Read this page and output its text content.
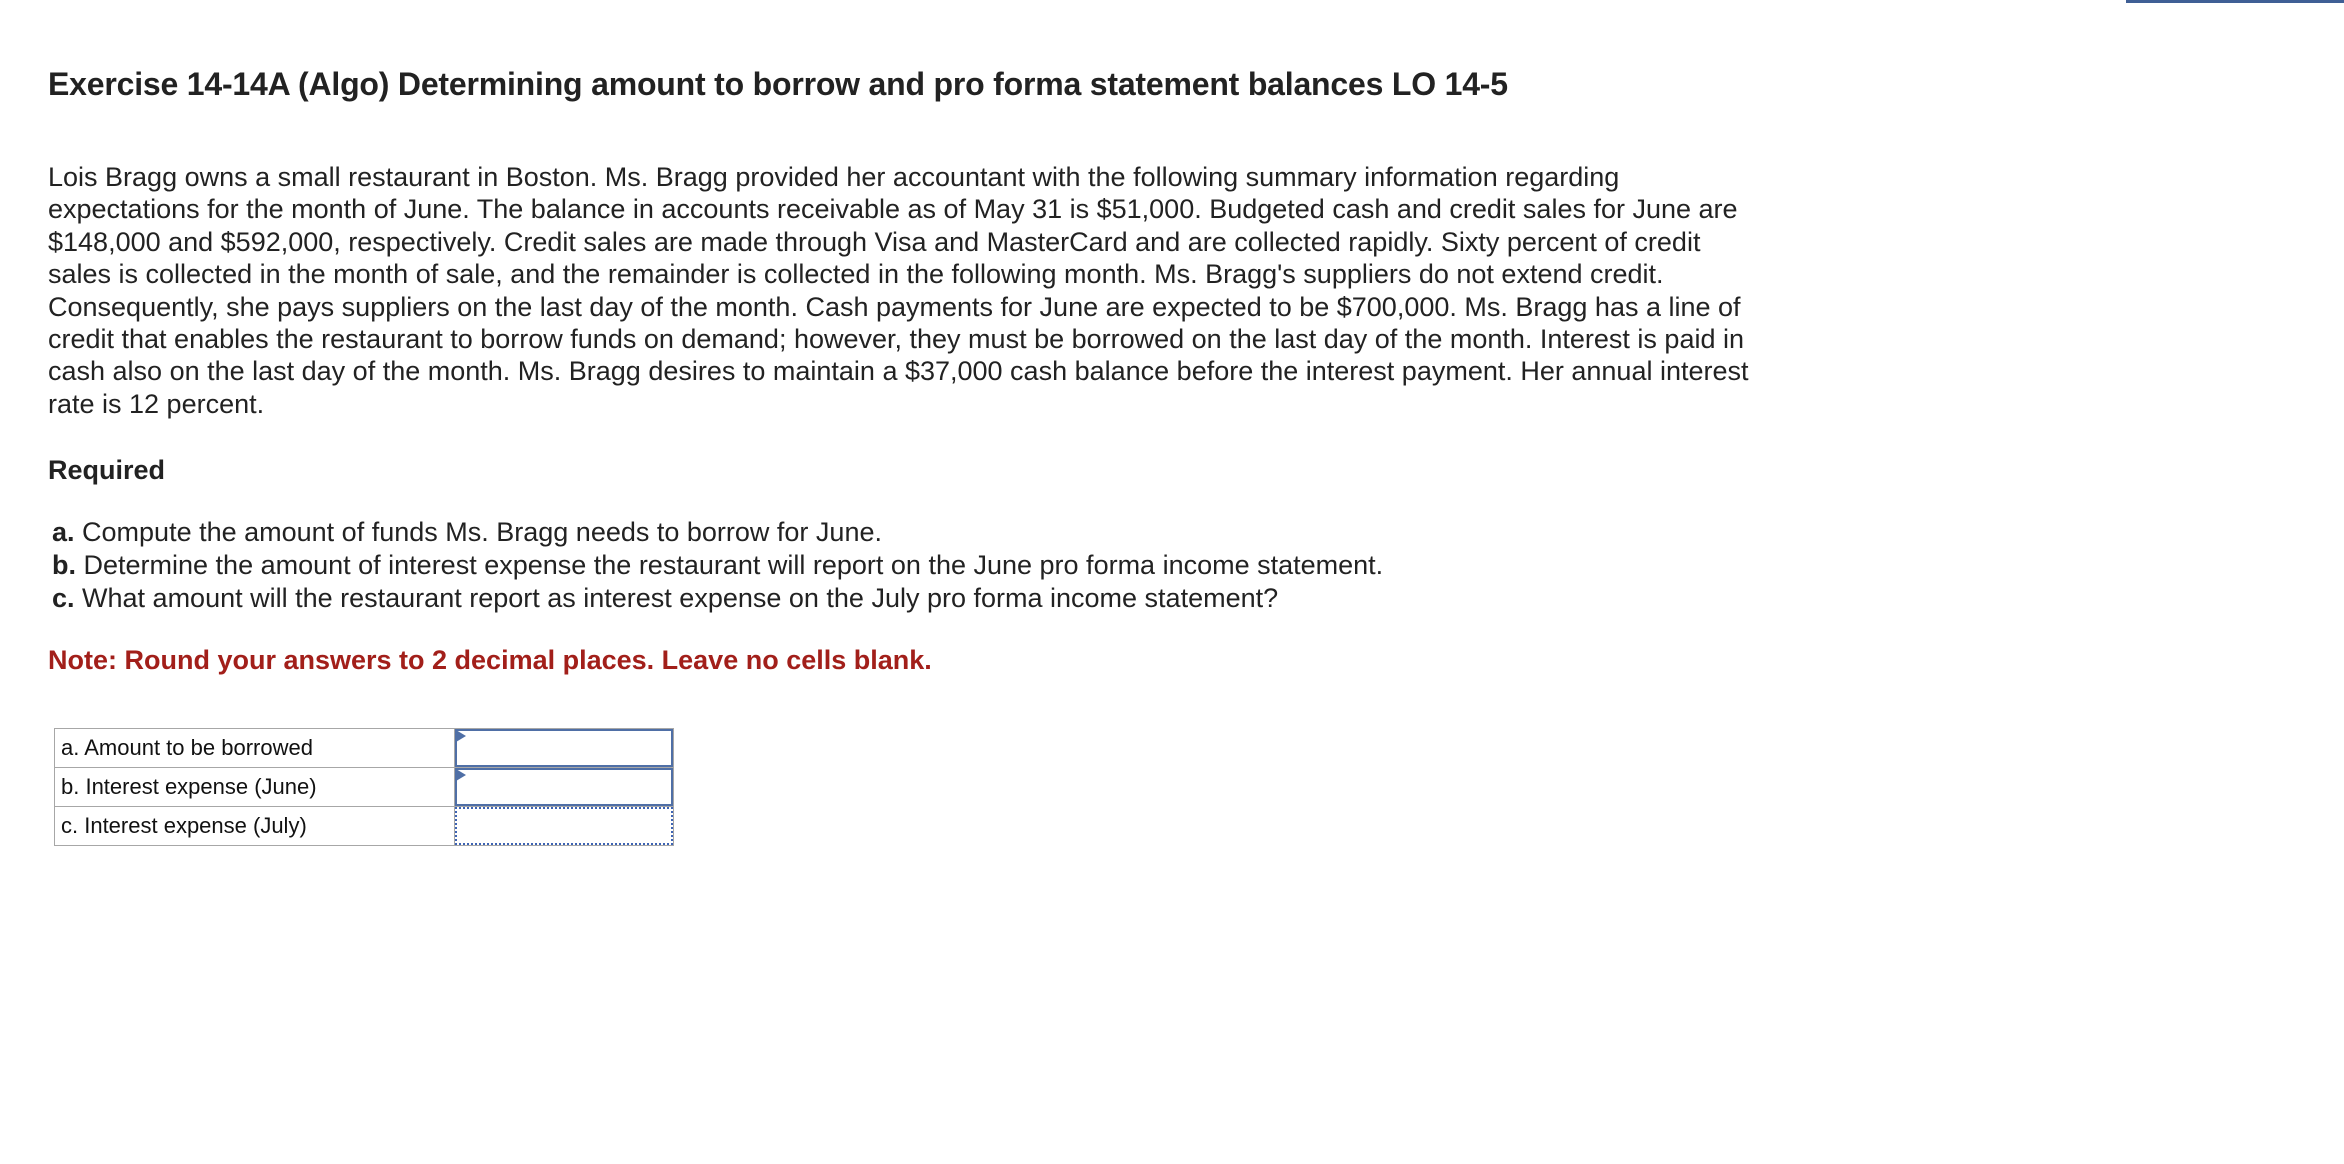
Exercise 14-14A (Algo) Determining amount to borrow and pro forma statement balances LO 14-5

Lois Bragg owns a small restaurant in Boston. Ms. Bragg provided her accountant with the following summary information regarding expectations for the month of June. The balance in accounts receivable as of May 31 is $51,000. Budgeted cash and credit sales for June are $148,000 and $592,000, respectively. Credit sales are made through Visa and MasterCard and are collected rapidly. Sixty percent of credit sales is collected in the month of sale, and the remainder is collected in the following month. Ms. Bragg's suppliers do not extend credit. Consequently, she pays suppliers on the last day of the month. Cash payments for June are expected to be $700,000. Ms. Bragg has a line of credit that enables the restaurant to borrow funds on demand; however, they must be borrowed on the last day of the month. Interest is paid in cash also on the last day of the month. Ms. Bragg desires to maintain a $37,000 cash balance before the interest payment. Her annual interest rate is 12 percent.

Required

a. Compute the amount of funds Ms. Bragg needs to borrow for June.
b. Determine the amount of interest expense the restaurant will report on the June pro forma income statement.
c. What amount will the restaurant report as interest expense on the July pro forma income statement?

Note: Round your answers to 2 decimal places. Leave no cells blank.

a. Amount to be borrowed	

b. Interest expense (June)	

c. Interest expense (July)	
